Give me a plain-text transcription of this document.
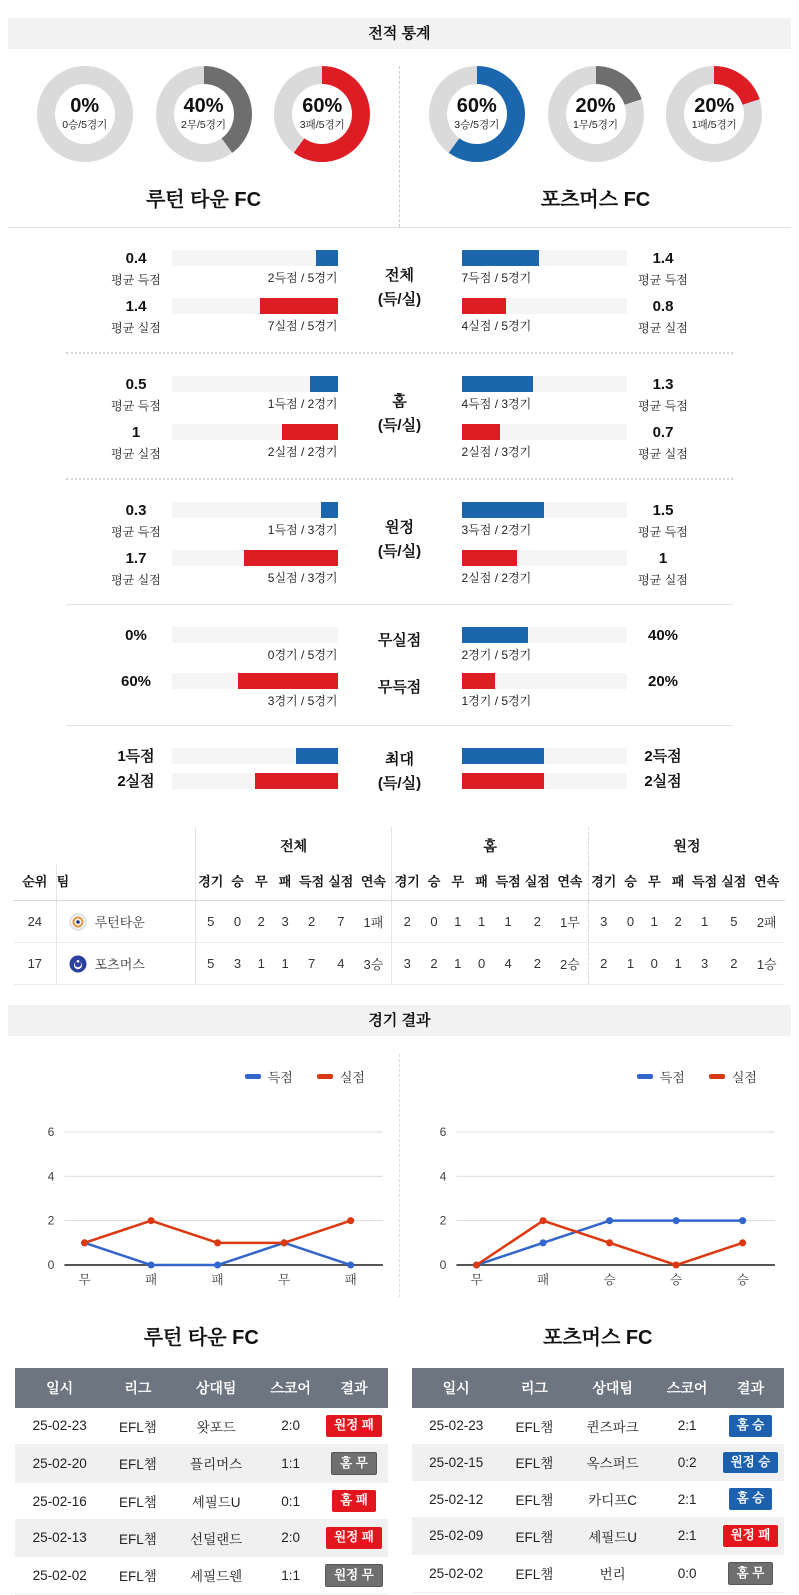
전적 통계
0%
0승/5경기
40%
2무/5경기
60%
3패/5경기
루턴 타운 FC
60%
3승/5경기
20%
1무/5경기
20%
1패/5경기
포츠머스 FC
0.4
평균 득점	2득점 / 5경기
1.4
평균 실점	7실점 / 5경기
전체
(득/실)
7득점 / 5경기
1.4
평균 득점
4실점 / 5경기
0.8
평균 실점
0.5
평균 득점	1득점 / 2경기
1
평균 실점	2실점 / 2경기
홈
(득/실)
4득점 / 3경기
1.3
평균 득점
2실점 / 3경기
0.7
평균 실점
0.3
평균 득점	1득점 / 3경기
1.7
평균 실점	5실점 / 3경기
원정
(득/실)
3득점 / 2경기
1.5
평균 득점
2실점 / 2경기
1
평균 실점
0%
0경기 / 5경기
60%
3경기 / 5경기
무실점
무득점
2경기 / 5경기
40%
1경기 / 5경기
20%
1득점
2실점
최대
(득/실)
2득점
2실점
		전체							홈							원정						
순위	팀	경기	승	무	패	득점	실점	연속	경기	승	무	패	득점	실점	연속	경기	승	무	패	득점	실점	연속
24	루턴타운	5	0	2	3	2	7	1패	2	0	1	1	1	2	1무	3	0	1	2	1	5	2패
17	포츠머스	5	3	1	1	7	4	3승	3	2	1	0	4	2	2승	2	1	0	1	3	2	1승
경기 결과
득점	실점
0
2
4
6
무	패	패	무	패
득점	실점
0
2
4
6
무	패	승	승	승
루턴 타운 FC
일시	리그	상대팀	스코어	결과
25-02-23	EFL챔	왓포드	2:0	원정 패
25-02-20	EFL챔	플리머스	1:1	홈 무
25-02-16	EFL챔	셰필드U	0:1	홈 패
25-02-13	EFL챔	선덜랜드	2:0	원정 패
25-02-02	EFL챔	셰필드웬	1:1	원정 무
포츠머스 FC
일시	리그	상대팀	스코어	결과
25-02-23	EFL챔	퀸즈파크	2:1	홈 승
25-02-15	EFL챔	옥스퍼드	0:2	원정 승
25-02-12	EFL챔	카디프C	2:1	홈 승
25-02-09	EFL챔	셰필드U	2:1	원정 패
25-02-02	EFL챔	번리	0:0	홈 무
